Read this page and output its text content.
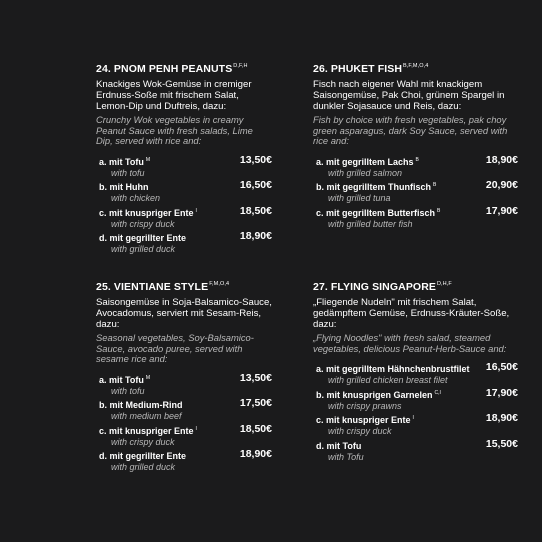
24. PNOM PENH $PEANUTS^{D,F,H}$

Knackiges Wok-Gemüse in cremiger Erdnuss-Soße mit frischem Salat, Lemon-Dip und Duftreis, dazu:

Crunchy Wok vegetables in creamy Peanut Sauce with fresh salads, Lime Dip, served with rice and:

a. mit Tofu $^M$
with tofu
13,50€
b. mit Huhn
with chicken
16,50€
c. mit knuspriger Ente $^I$
with crispy duck
18,50€
d. mit gegrillter Ente
with grilled duck
18,90€
26. PHUKET $FISH^{B,F,M,O,4}$

Fisch nach eigener Wahl mit knackigem Saisongemüse, Pak Choi, grünem Spargel in dunkler Sojasauce und Reis, dazu:

Fish by choice with fresh vegetables, pak choy green asparagus, dark Soy Sauce, served with rice and:

a. mit gegrilltem Lachs $^B$
with grilled salmon
18,90€
b. mit gegrilltem Thunfisch $^B$
with grilled tuna
20,90€
c. mit gegrilltem Butterfisch $^B$
with grilled butter fish
17,90€
25. VIENTIANE $STYLE^{F,M,O,4}$

Saisongemüse in Soja-Balsamico-Sauce, Avocadomus, serviert mit Sesam-Reis, dazu:

Seasonal vegetables, Soy-Balsamico-Sauce, avocado puree, served with sesame rice and:

a. mit Tofu $^M$
with tofu
13,50€
b. mit Medium-Rind
with medium beef
17,50€
c. mit knuspriger Ente $^I$
with crispy duck
18,50€
d. mit gegrillter Ente
with grilled duck
18,90€
27. FLYING $SINGAPORE^{D,H,F}$

„Fliegende Nudeln" mit frischem Salat, gedämpftem Gemüse, Erdnuss-Kräuter-Soße, dazu:

„Flying Noodles" with fresh salad, steamed vegetables, delicious Peanut-Herb-Sauce and:

a. mit gegrilltem Hähnchenbrustfilet
with grilled chicken breast filet
16,50€
b. mit knusprigen Garnelen $^{C,I}$
with crispy prawns
17,90€
c. mit knuspriger Ente $^I$
with crispy duck
18,90€
d. mit Tofu
with Tofu
15,50€
